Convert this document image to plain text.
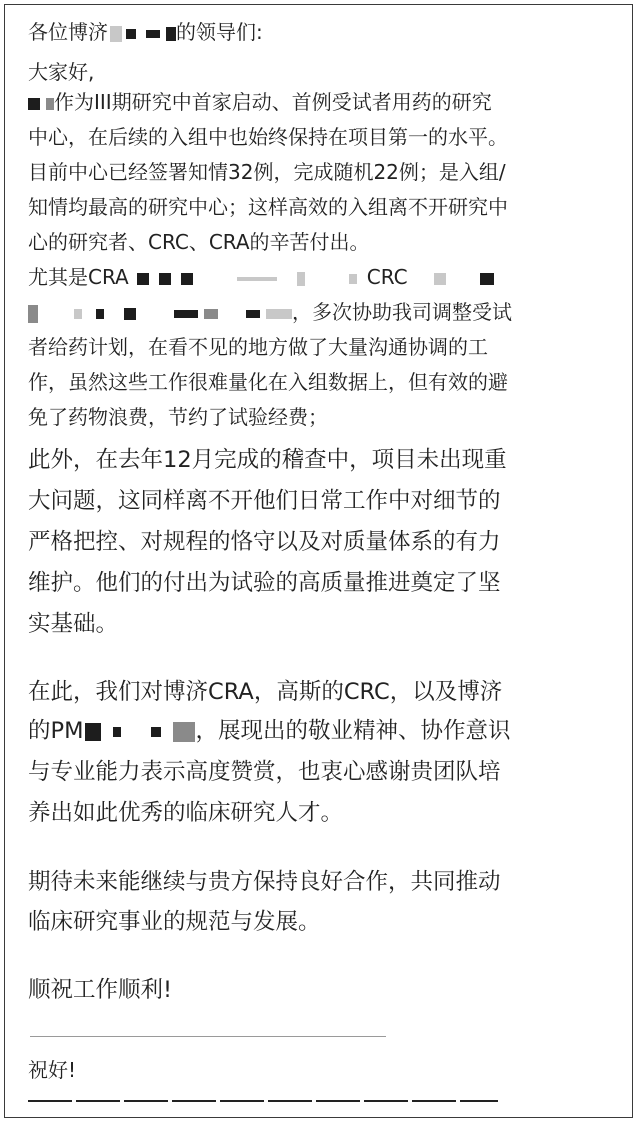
各位博济	的领导们:
大家好,
作为III期研究中首家启动、首例受试者用药的研究
中心，在后续的入组中也始终保持在项目第一的水平。
目前中心已经签署知情32例，完成随机22例；是入组/
知情均最高的研究中心；这样高效的入组离不开研究中
心的研究者、CRC、CRA的辛苦付出。
尤其是CRA	CRC
，多次协助我司调整受试
者给药计划，在看不见的地方做了大量沟通协调的工
作，虽然这些工作很难量化在入组数据上，但有效的避
免了药物浪费，节约了试验经费；
此外，在去年12月完成的稽查中，项目未出现重
大问题，这同样离不开他们日常工作中对细节的
严格把控、对规程的恪守以及对质量体系的有力
维护。他们的付出为试验的高质量推进奠定了坚
实基础。
在此，我们对博济CRA，高斯的CRC，以及博济
的PM	，展现出的敬业精神、协作意识
与专业能力表示高度赞赏，也衷心感谢贵团队培
养出如此优秀的临床研究人才。
期待未来能继续与贵方保持良好合作，共同推动
临床研究事业的规范与发展。
顺祝工作顺利!
祝好!
